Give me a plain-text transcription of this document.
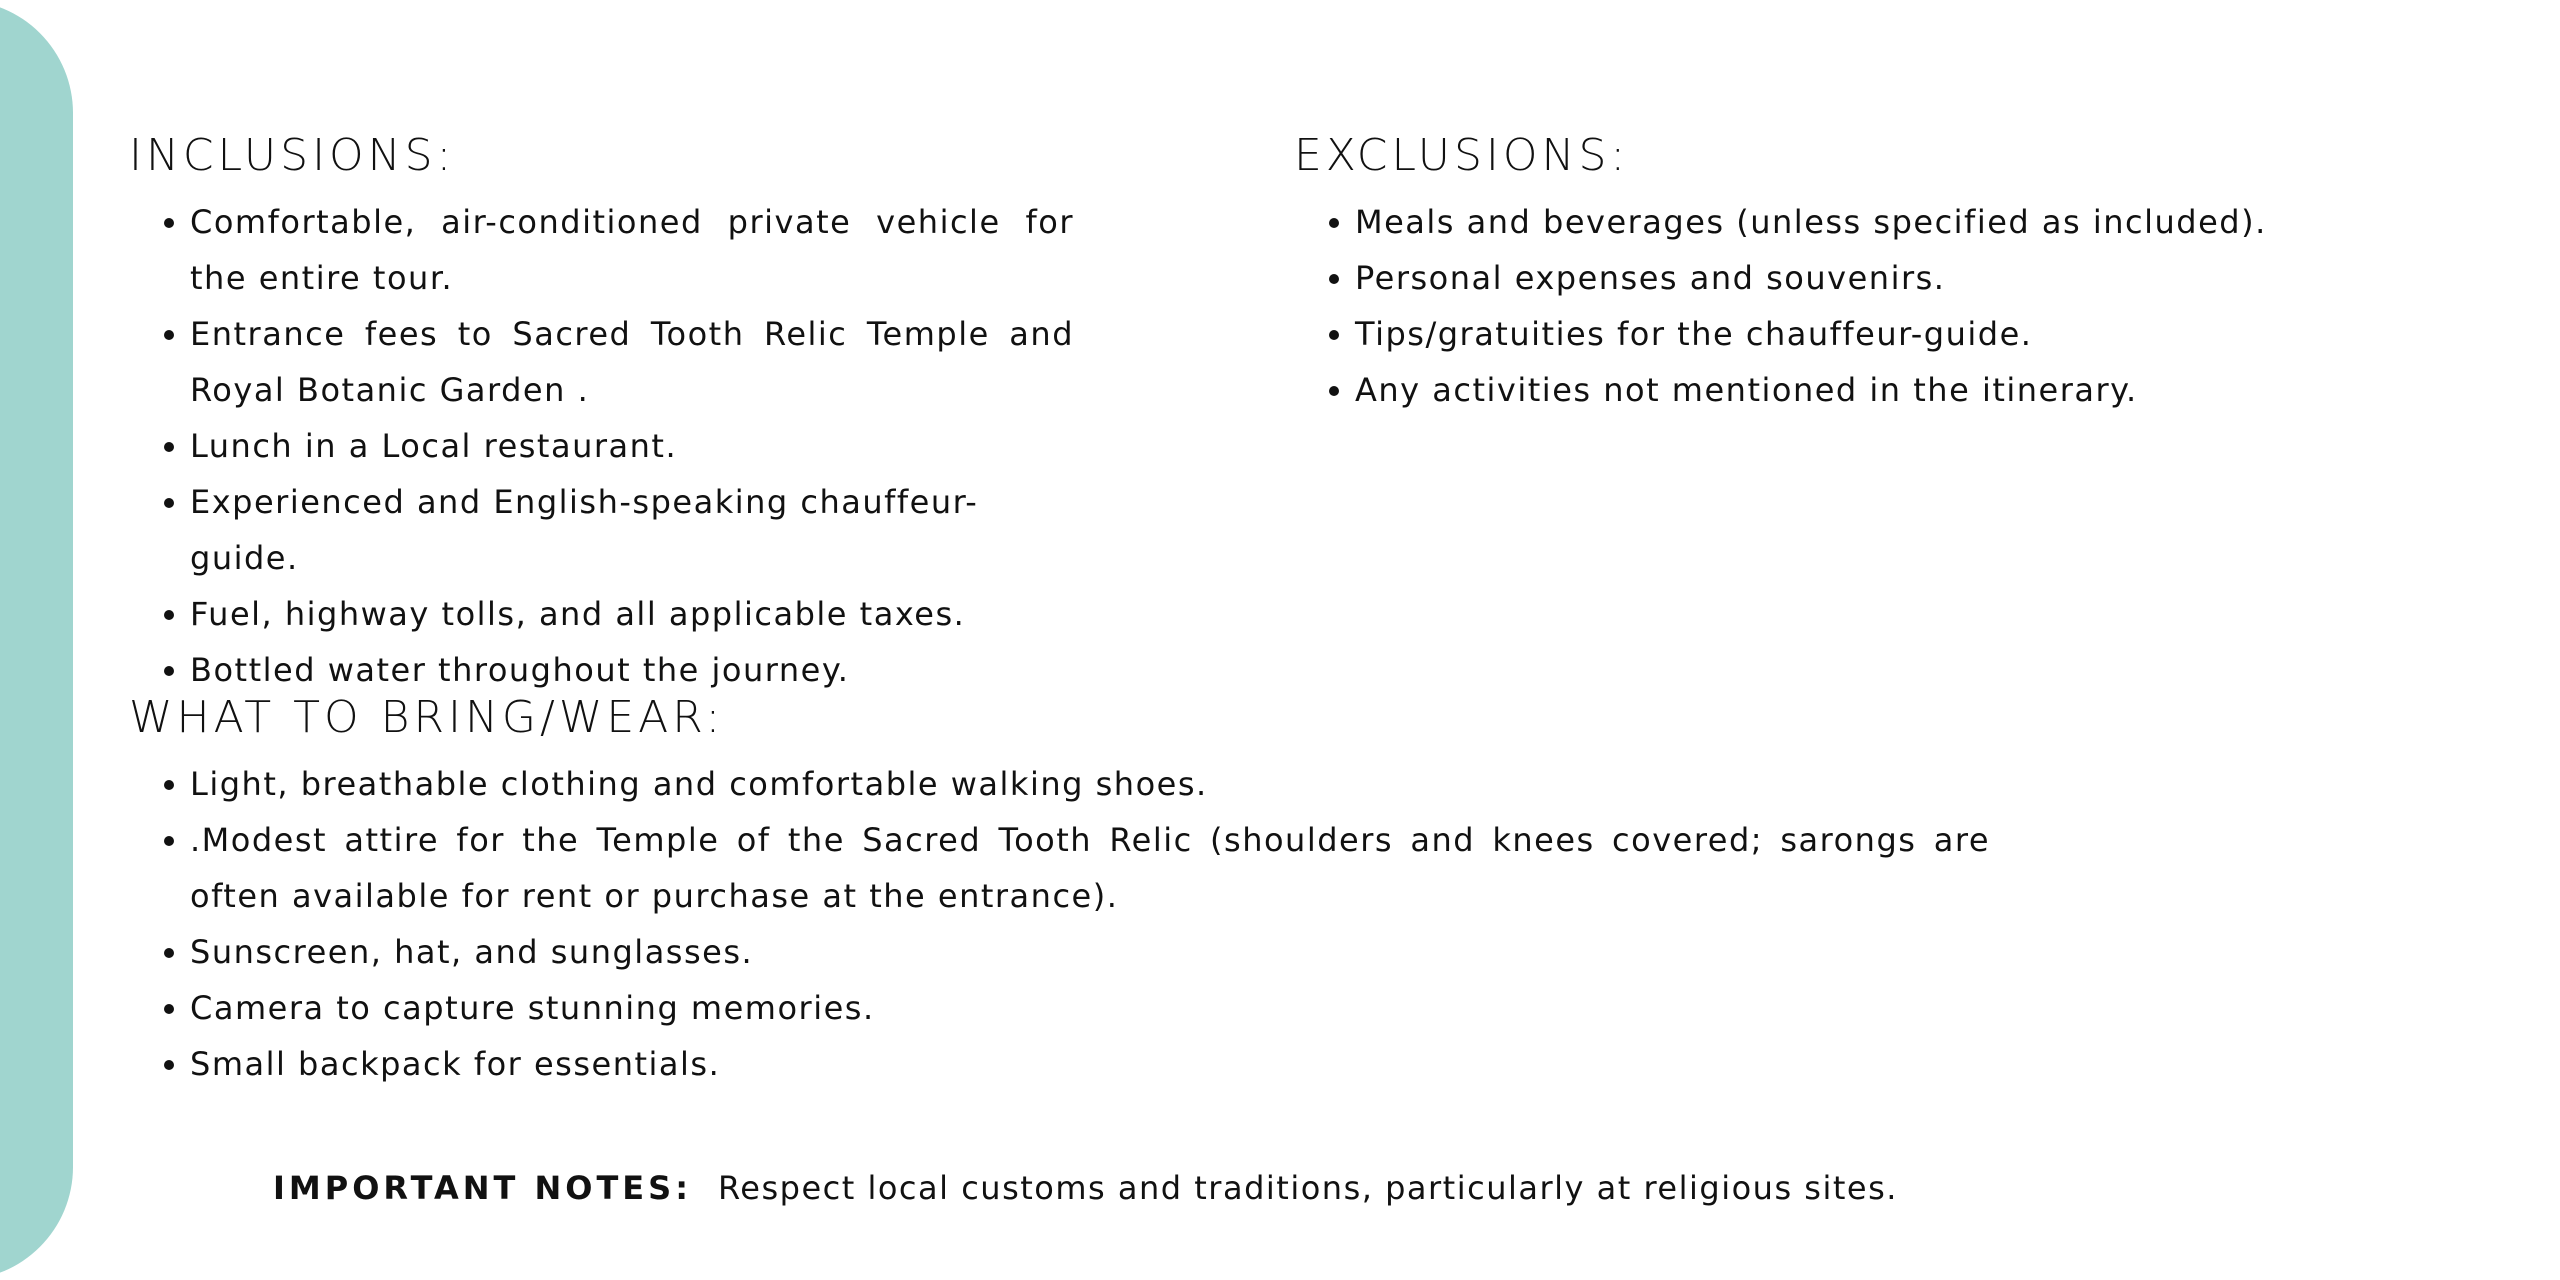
INCLUSIONS:
Comfortable, air-conditioned private vehicle for the entire tour.
Entrance fees to Sacred Tooth Relic Temple and Royal Botanic Garden .
Lunch in a Local restaurant.
Experienced and English-speaking chauffeur-guide.
Fuel, highway tolls, and all applicable taxes.
Bottled water throughout the journey.
EXCLUSIONS:
Meals and beverages (unless specified as included).
Personal expenses and souvenirs.
Tips/gratuities for the chauffeur-guide.
Any activities not mentioned in the itinerary.
WHAT TO BRING/WEAR:
Light, breathable clothing and comfortable walking shoes.
.Modest attire for the Temple of the Sacred Tooth Relic (shoulders and knees covered; sarongs are often available for rent or purchase at the entrance).
Sunscreen, hat, and sunglasses.
Camera to capture stunning memories.
Small backpack for essentials.
IMPORTANT NOTES: Respect local customs and traditions, particularly at religious sites.
